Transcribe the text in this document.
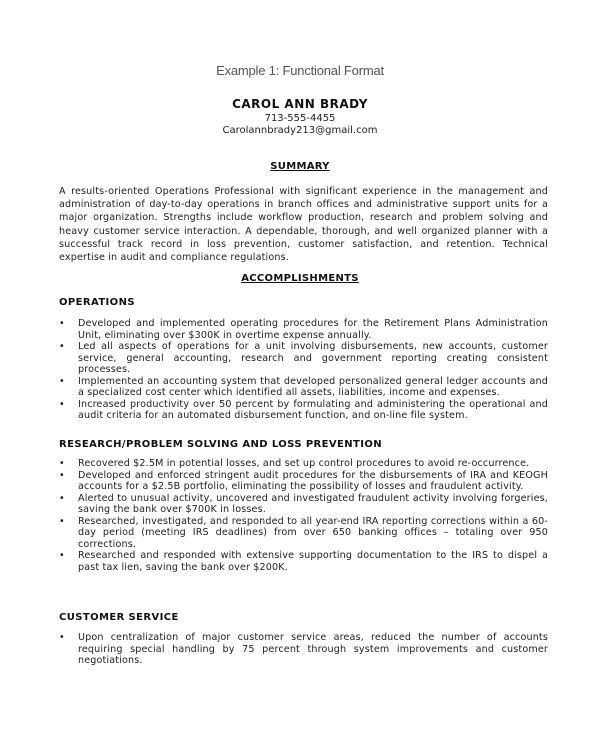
Example 1: Functional Format
CAROL ANN BRADY
713-555-4455
Carolannbrady213@gmail.com
SUMMARY
A results-oriented Operations Professional with significant experience in the management and administration of day-to-day operations in branch offices and administrative support units for a major organization. Strengths include workflow production, research and problem solving and heavy customer service interaction. A dependable, thorough, and well organized planner with a successful track record in loss prevention, customer satisfaction, and retention. Technical expertise in audit and compliance regulations.
ACCOMPLISHMENTS
OPERATIONS
• Developed and implemented operating procedures for the Retirement Plans Administration Unit, eliminating over $300K in overtime expense annually.
• Led all aspects of operations for a unit involving disbursements, new accounts, customer service, general accounting, research and government reporting creating consistent processes.
• Implemented an accounting system that developed personalized general ledger accounts and a specialized cost center which identified all assets, liabilities, income and expenses.
• Increased productivity over 50 percent by formulating and administering the operational and audit criteria for an automated disbursement function, and on-line file system.
RESEARCH/PROBLEM SOLVING AND LOSS PREVENTION
• Recovered $2.5M in potential losses, and set up control procedures to avoid re-occurrence.
• Developed and enforced stringent audit procedures for the disbursements of IRA and KEOGH accounts for a $2.5B portfolio, eliminating the possibility of losses and fraudulent activity.
• Alerted to unusual activity, uncovered and investigated fraudulent activity involving forgeries, saving the bank over $700K in losses.
• Researched, investigated, and responded to all year-end IRA reporting corrections within a 60-day period (meeting IRS deadlines) from over 650 banking offices – totaling over 950 corrections.
• Researched and responded with extensive supporting documentation to the IRS to dispel a past tax lien, saving the bank over $200K.
CUSTOMER SERVICE
• Upon centralization of major customer service areas, reduced the number of accounts requiring special handling by 75 percent through system improvements and customer negotiations.
